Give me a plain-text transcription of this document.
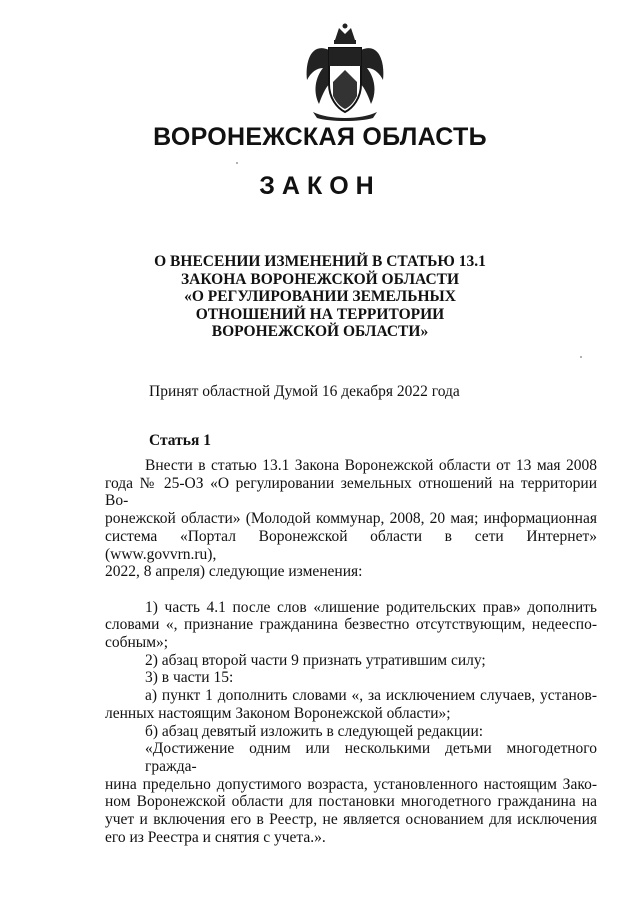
ВОРОНЕЖСКАЯ ОБЛАСТЬ
ЗАКОН
О ВНЕСЕНИИ ИЗМЕНЕНИЙ В СТАТЬЮ 13.1
ЗАКОНА ВОРОНЕЖСКОЙ ОБЛАСТИ
«О РЕГУЛИРОВАНИИ ЗЕМЕЛЬНЫХ
ОТНОШЕНИЙ НА ТЕРРИТОРИИ
ВОРОНЕЖСКОЙ ОБЛАСТИ»
Принят областной Думой 16 декабря 2022 года
Статья 1
Внести в статью 13.1 Закона Воронежской области от 13 мая 2008
года № 25-ОЗ «О регулировании земельных отношений на территории Во-
ронежской области» (Молодой коммунар, 2008, 20 мая; информационная
система «Портал Воронежской области в сети Интернет» (www.govvrn.ru),
2022, 8 апреля) следующие изменения:
1) часть 4.1 после слов «лишение родительских прав» дополнить
словами «, признание гражданина безвестно отсутствующим, недееспо-
собным»;
2) абзац второй части 9 признать утратившим силу;
3) в части 15:
а) пункт 1 дополнить словами «, за исключением случаев, установ-
ленных настоящим Законом Воронежской области»;
б) абзац девятый изложить в следующей редакции:
«Достижение одним или несколькими детьми многодетного гражда-
нина предельно допустимого возраста, установленного настоящим Зако-
ном Воронежской области для постановки многодетного гражданина на
учет и включения его в Реестр, не является основанием для исключения
его из Реестра и снятия с учета.».
